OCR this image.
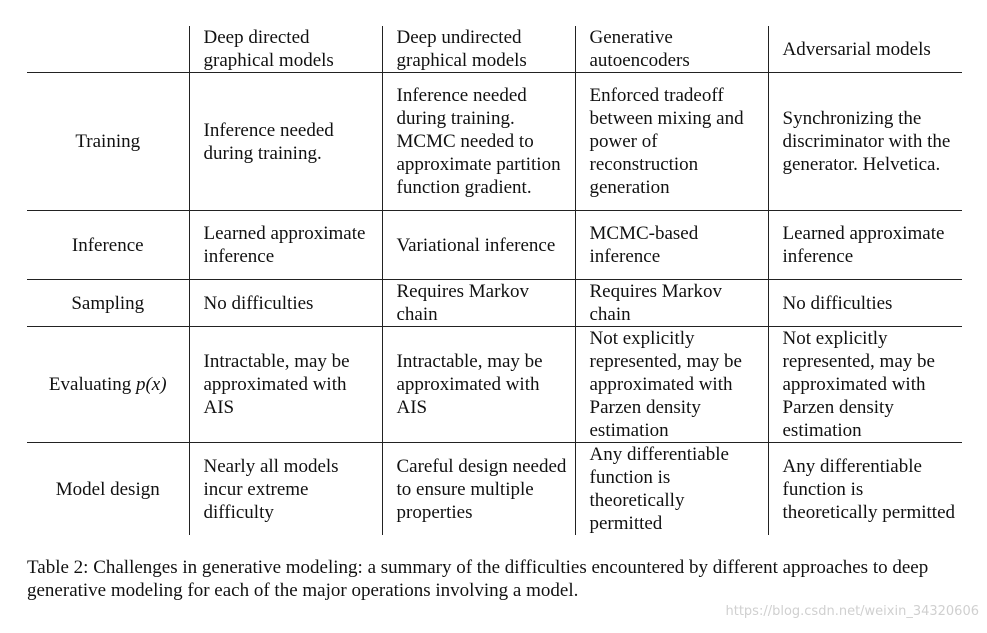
	Deep directed graphical models	Deep undirected graphical models	Generative autoencoders	Adversarial models
Training	Inference needed during training.	Inference needed during training. MCMC needed to approximate partition function gradient.	Enforced tradeoff between mixing and power of reconstruction generation	Synchronizing the discriminator with the generator. Helvetica.
Inference	Learned approximate inference	Variational inference	MCMC-based inference	Learned approximate inference
Sampling	No difficulties	Requires Markov chain	Requires Markov chain	No difficulties
Evaluating p(x)	Intractable, may be approximated with AIS	Intractable, may be approximated with AIS	Not explicitly represented, may be approximated with Parzen density estimation	Not explicitly represented, may be approximated with Parzen density estimation
Model design	Nearly all models incur extreme difficulty	Careful design needed to ensure multiple properties	Any differentiable function is theoretically permitted	Any differentiable function is theoretically permitted
Table 2: Challenges in generative modeling: a summary of the difficulties encountered by different approaches to deep generative modeling for each of the major operations involving a model.
https://blog.csdn.net/weixin_34320606
